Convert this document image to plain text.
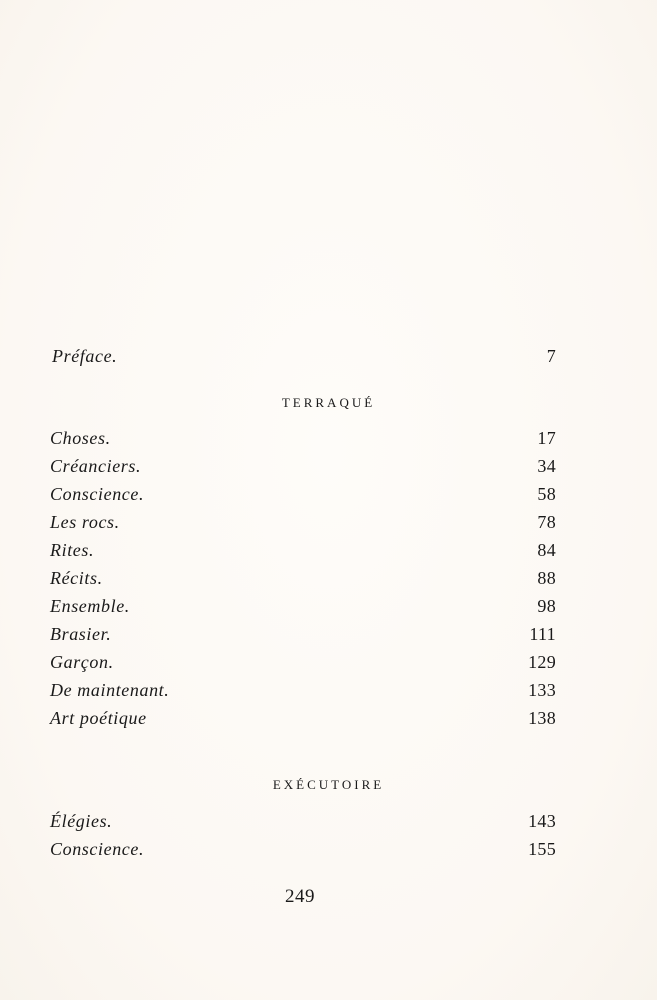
Préface.	7
TERRAQUÉ
Choses.	17
Créanciers.	34
Conscience.	58
Les rocs.	78
Rites.	84
Récits.	88
Ensemble.	98
Brasier.	111
Garçon.	129
De maintenant.	133
Art poétique	138
EXÉCUTOIRE
Élégies.	143
Conscience.	155
249
